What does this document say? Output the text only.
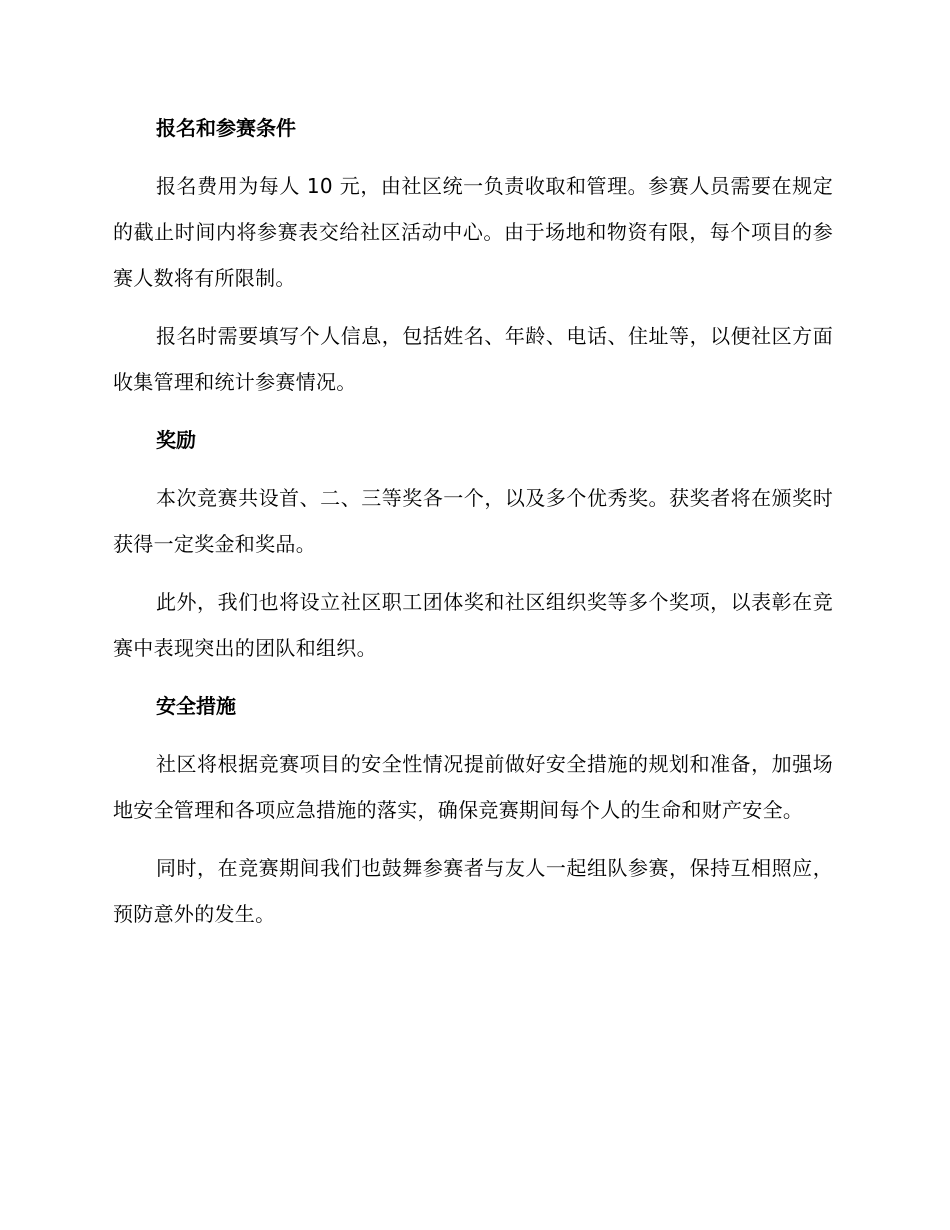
报名和参赛条件

报名费用为每人 10 元，由社区统一负责收取和管理。参赛人员需要在规定的截止时间内将参赛表交给社区活动中心。由于场地和物资有限，每个项目的参赛人数将有所限制。

报名时需要填写个人信息，包括姓名、年龄、电话、住址等，以便社区方面收集管理和统计参赛情况。

奖励

本次竞赛共设首、二、三等奖各一个，以及多个优秀奖。获奖者将在颁奖时获得一定奖金和奖品。

此外，我们也将设立社区职工团体奖和社区组织奖等多个奖项，以表彰在竞赛中表现突出的团队和组织。

安全措施

社区将根据竞赛项目的安全性情况提前做好安全措施的规划和准备，加强场地安全管理和各项应急措施的落实，确保竞赛期间每个人的生命和财产安全。

同时，在竞赛期间我们也鼓舞参赛者与友人一起组队参赛，保持互相照应，预防意外的发生。
